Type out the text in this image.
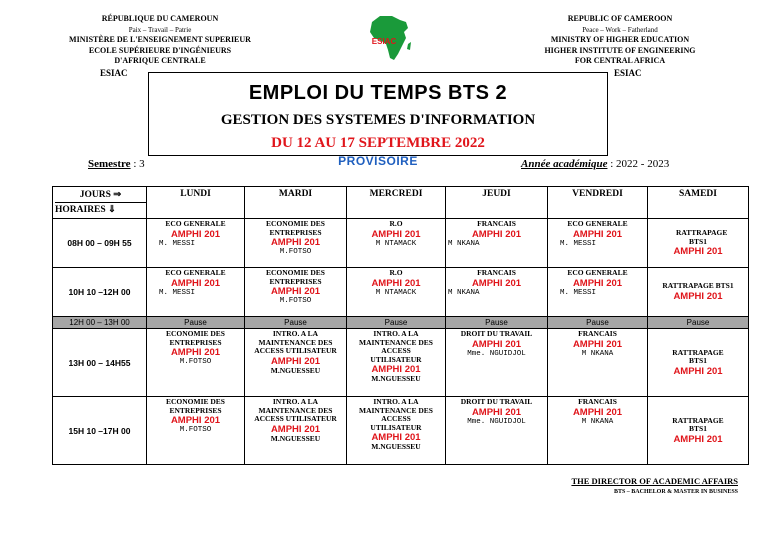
RÉPUBLIQUE DU CAMEROUN
Paix – Travail – Patrie
MINISTÈRE DE L'ENSEIGNEMENT SUPERIEUR
ECOLE SUPÉRIEURE D'INGÉNIEURS
D'AFRIQUE CENTRALE
ESIAC
ESIAC
REPUBLIC OF CAMEROON
Peace – Work – Fatherland
MINISTRY OF HIGHER EDUCATION
HIGHER INSTITUTE OF ENGINEERING
FOR CENTRAL AFRICA
ESIAC
EMPLOI DU TEMPS BTS 2
GESTION DES SYSTEMES D'INFORMATION
DU 12 AU 17 SEPTEMBRE 2022
PROVISOIRE
Semestre : 3	Année académique : 2022 - 2023
JOURS ⇒
HORAIRES ⇓	LUNDI	MARDI	MERCREDI	JEUDI	VENDREDI	SAMEDI
08H 00 – 09H 55	ECO GENERALE
AMPHI 201
M. MESSI	ECONOMIE DES ENTREPRISES
AMPHI 201
M.FOTSO	R.O
AMPHI 201
M NTAMACK	FRANCAIS
AMPHI 201
M NKANA	ECO GENERALE
AMPHI 201
M. MESSI	RATTRAPAGE BTS1
AMPHI 201

10H 10 –12H 00	ECO GENERALE
AMPHI 201
M. MESSI	ECONOMIE DES ENTREPRISES
AMPHI 201
M.FOTSO	R.O
AMPHI 201
M NTAMACK	FRANCAIS
AMPHI 201
M NKANA	ECO GENERALE
AMPHI 201
M. MESSI	RATTRAPAGE BTS1
AMPHI 201

12H 00 – 13H 00	Pause	Pause	Pause	Pause	Pause	Pause
13H 00 – 14H55	ECONOMIE DES ENTREPRISES
AMPHI 201
M.FOTSO	INTRO. A LA MAINTENANCE DES ACCESS UTILISATEUR
AMPHI 201
M.NGUESSEU	INTRO. A LA MAINTENANCE DES ACCESS UTILISATEUR
AMPHI 201
M.NGUESSEU	DROIT DU TRAVAIL
AMPHI 201
Mme. NGUIDJOL	FRANCAIS
AMPHI 201
M NKANA	RATTRAPAGE BTS1
AMPHI 201

15H 10 –17H 00	ECONOMIE DES ENTREPRISES
AMPHI 201
M.FOTSO	INTRO. A LA MAINTENANCE DES ACCESS UTILISATEUR
AMPHI 201
M.NGUESSEU	INTRO. A LA MAINTENANCE DES ACCESS UTILISATEUR
AMPHI 201
M.NGUESSEU	DROIT DU TRAVAIL
AMPHI 201
Mme. NGUIDJOL	FRANCAIS
AMPHI 201
M NKANA	RATTRAPAGE BTS1
AMPHI 201
THE DIRECTOR OF ACADEMIC AFFAIRS
BTS – BACHELOR & MASTER IN BUSINESS
